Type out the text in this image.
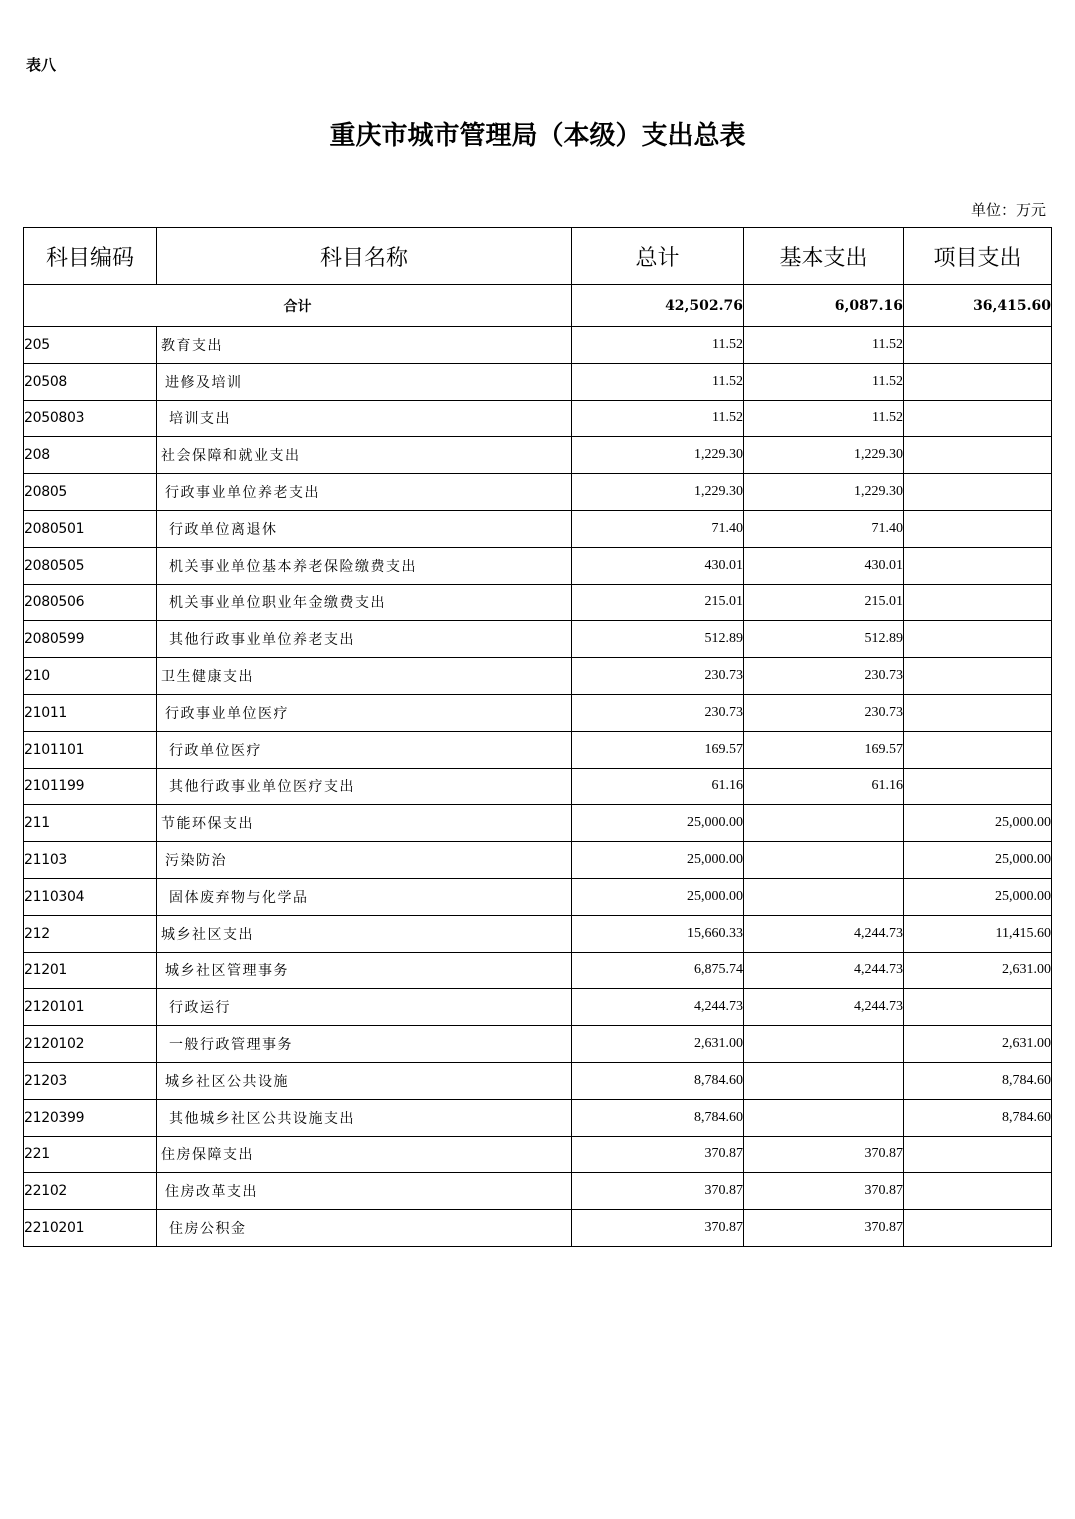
表八
重庆市城市管理局（本级）支出总表
单位：万元
科目编码	科目名称	总计	基本支出	项目支出
合计		42,502.76	6,087.16	36,415.60
205	教育支出	11.52	11.52	
20508	进修及培训	11.52	11.52	
2050803	培训支出	11.52	11.52	
208	社会保障和就业支出	1,229.30	1,229.30	
20805	行政事业单位养老支出	1,229.30	1,229.30	
2080501	行政单位离退休	71.40	71.40	
2080505	机关事业单位基本养老保险缴费支出	430.01	430.01	
2080506	机关事业单位职业年金缴费支出	215.01	215.01	
2080599	其他行政事业单位养老支出	512.89	512.89	
210	卫生健康支出	230.73	230.73	
21011	行政事业单位医疗	230.73	230.73	
2101101	行政单位医疗	169.57	169.57	
2101199	其他行政事业单位医疗支出	61.16	61.16	
211	节能环保支出	25,000.00		25,000.00
21103	污染防治	25,000.00		25,000.00
2110304	固体废弃物与化学品	25,000.00		25,000.00
212	城乡社区支出	15,660.33	4,244.73	11,415.60
21201	城乡社区管理事务	6,875.74	4,244.73	2,631.00
2120101	行政运行	4,244.73	4,244.73	
2120102	一般行政管理事务	2,631.00		2,631.00
21203	城乡社区公共设施	8,784.60		8,784.60
2120399	其他城乡社区公共设施支出	8,784.60		8,784.60
221	住房保障支出	370.87	370.87	
22102	住房改革支出	370.87	370.87	
2210201	住房公积金	370.87	370.87	
